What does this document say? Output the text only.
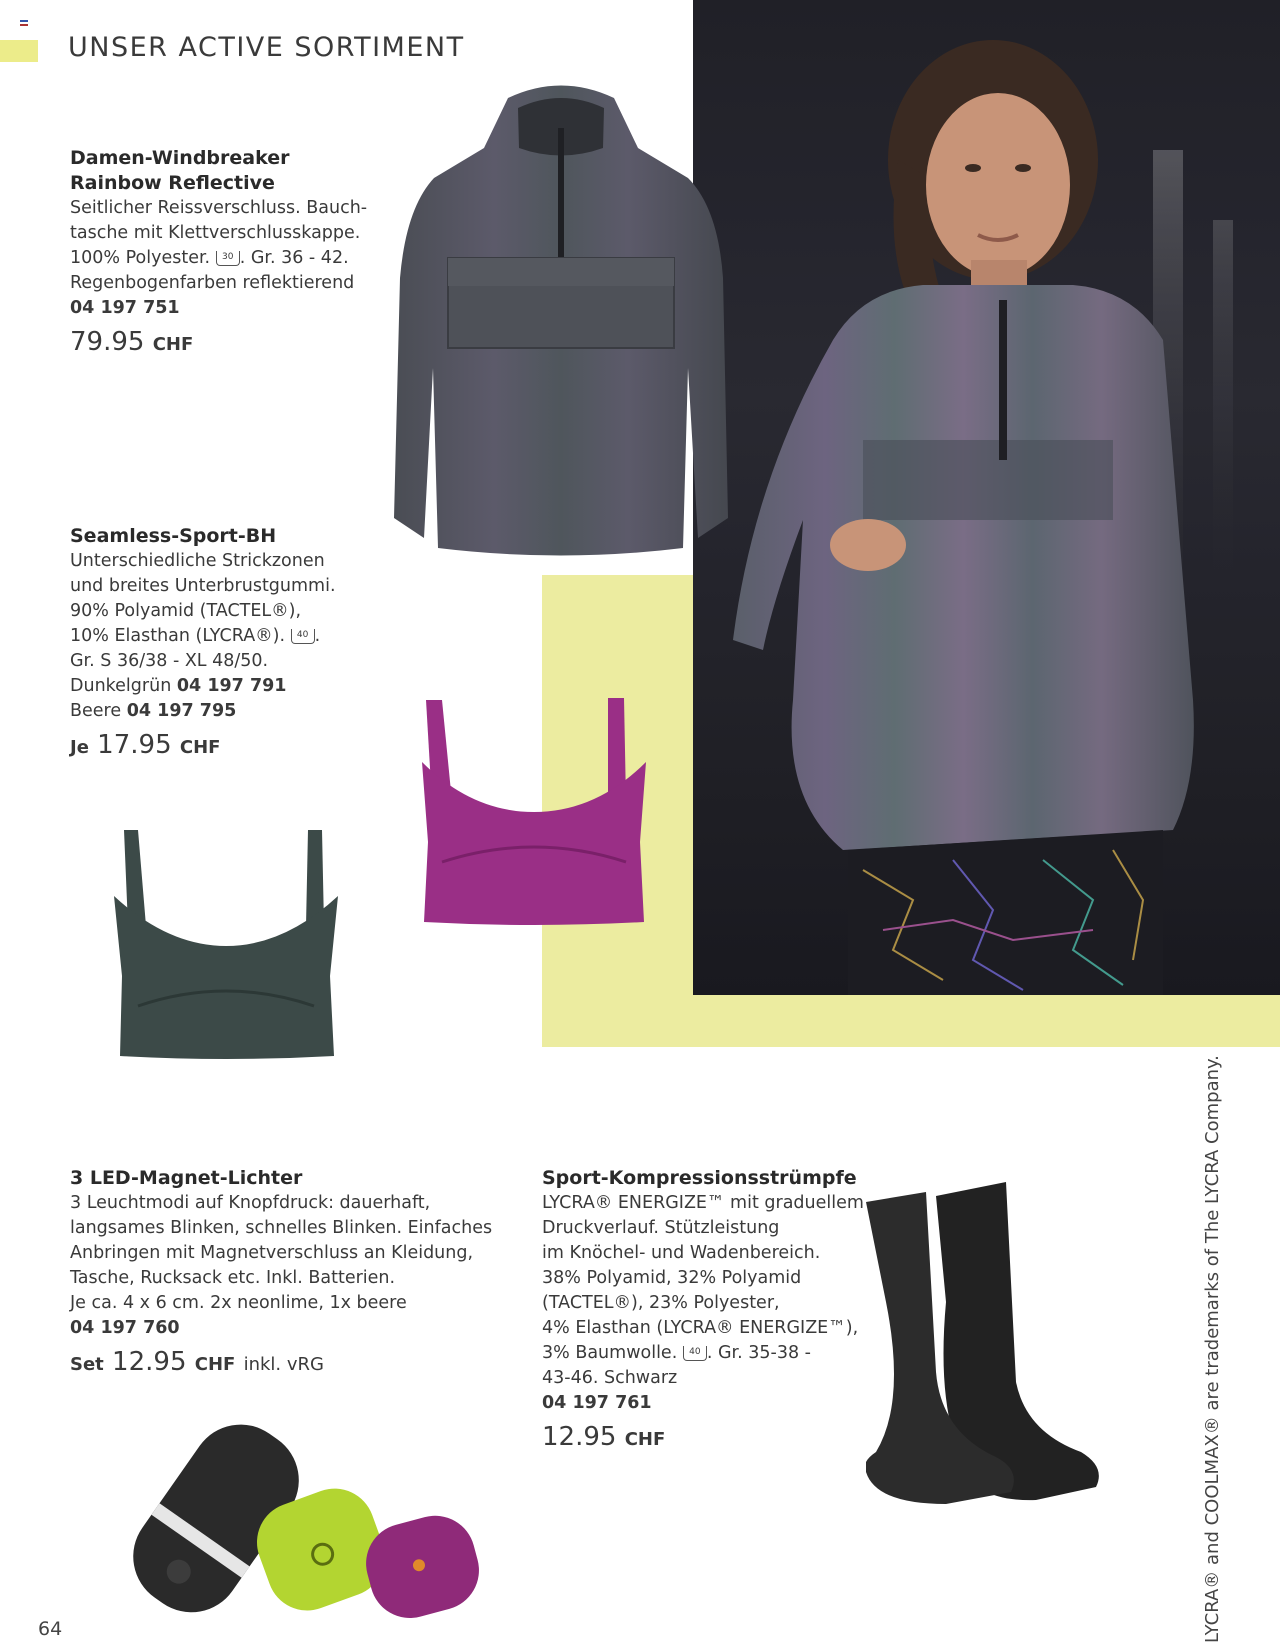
UNSER ACTIVE SORTIMENT
Damen-Windbreaker
Rainbow Reflective
Seitlicher Reissverschluss. Bauch-
tasche mit Klettverschlusskappe.
100% Polyester. 30 . Gr. 36 - 42.
Regenbogenfarben reflektierend
04 197 751
79.95 CHF
Seamless-Sport-BH
Unterschiedliche Strickzonen
und breites Unterbrustgummi.
90% Polyamid (TACTEL®),
10% Elasthan (LYCRA®). 40 .
Gr. S 36/38 - XL 48/50.
Dunkelgrün 04 197 791
Beere 04 197 795
Je 17.95 CHF
3 LED-Magnet-Lichter
3 Leuchtmodi auf Knopfdruck: dauerhaft,
langsames Blinken, schnelles Blinken. Einfaches
Anbringen mit Magnetverschluss an Kleidung,
Tasche, Rucksack etc. Inkl. Batterien.
Je ca. 4 x 6 cm. 2x neonlime, 1x beere
04 197 760
Set 12.95 CHF inkl. vRG
Sport-Kompressionsstrümpfe
LYCRA® ENERGIZE™ mit graduellem
Druckverlauf. Stützleistung
im Knöchel- und Wadenbereich.
38% Polyamid, 32% Polyamid
(TACTEL®), 23% Polyester,
4% Elasthan (LYCRA® ENERGIZE™),
3% Baumwolle. 40 . Gr. 35-38 -
43-46. Schwarz
04 197 761
12.95 CHF
64	LYCRA® and COOLMAX® are trademarks of The LYCRA Company.
